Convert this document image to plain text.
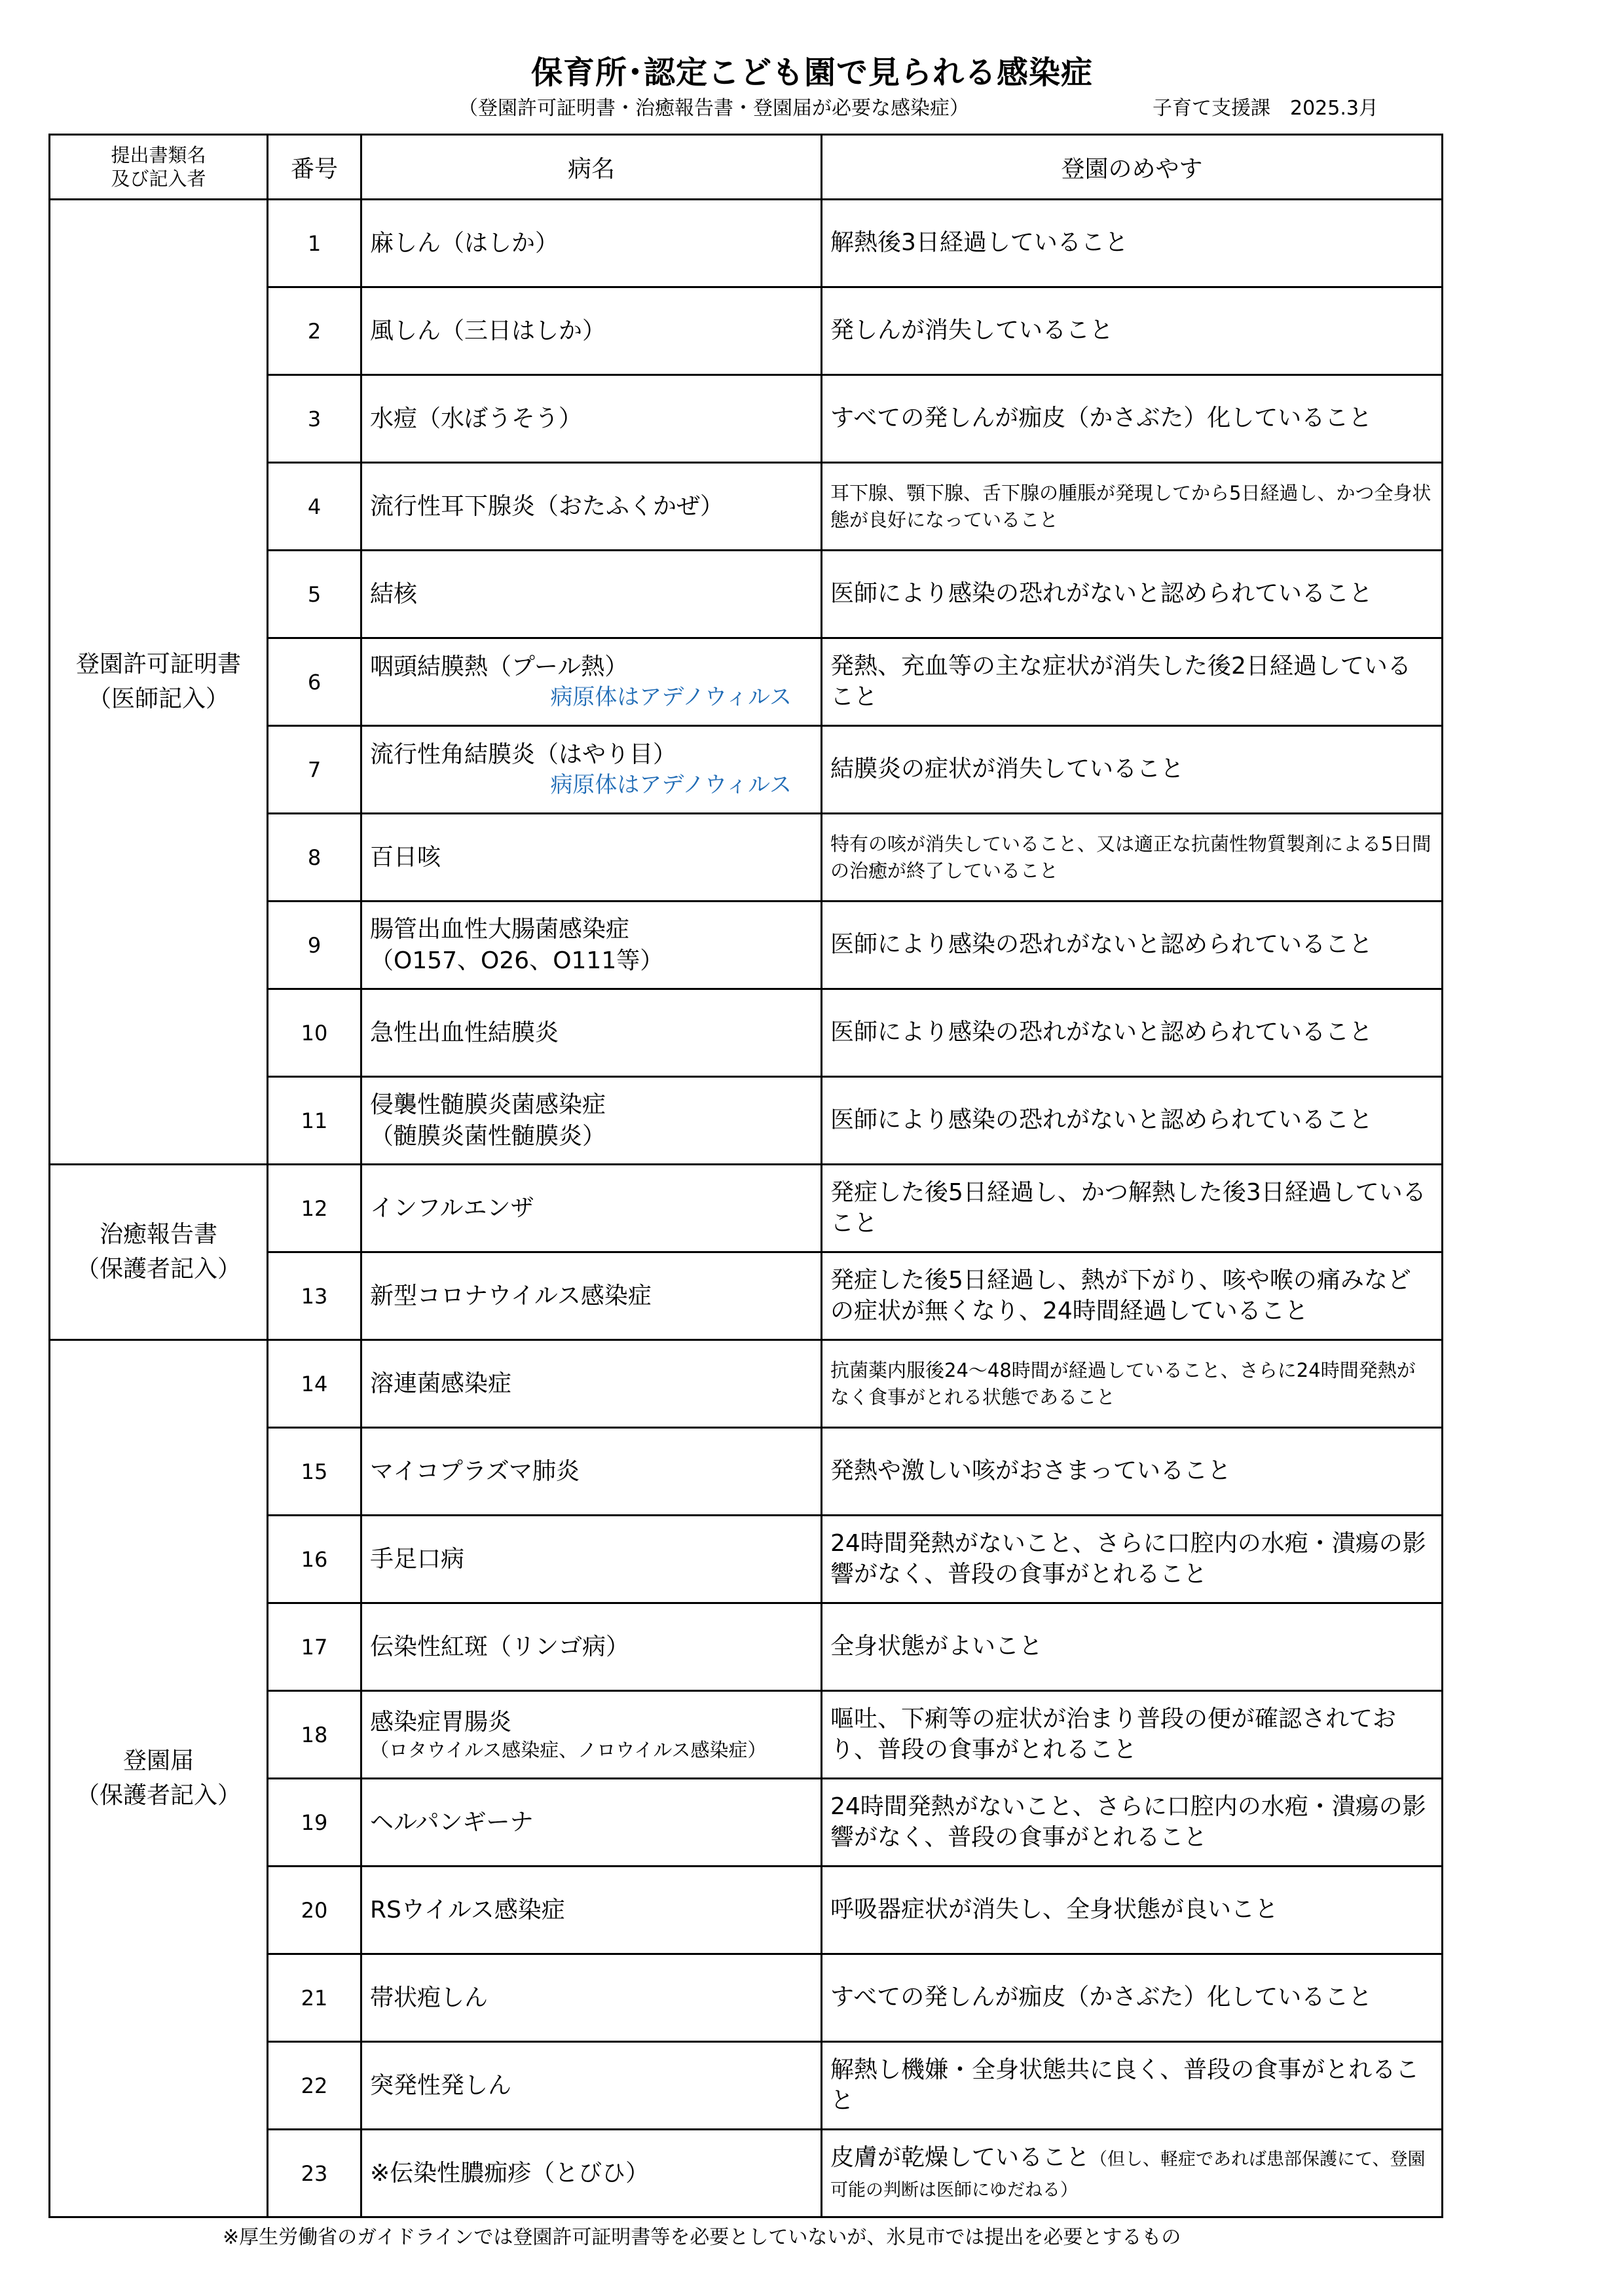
保育所･認定こども園で見られる感染症
（登園許可証明書・治癒報告書・登園届が必要な感染症）	子育て支援課　2025.3月
提出書類名
及び記入者	番号	病名	登園のめやす
登園許可証明書
（医師記入）	1	麻しん（はしか）	解熱後3日経過していること
	2	風しん（三日はしか）	発しんが消失していること
	3	水痘（水ぼうそう）	すべての発しんが痂皮（かさぶた）化していること
	4	流行性耳下腺炎（おたふくかぜ）	耳下腺、顎下腺、舌下腺の腫脹が発現してから5日経過し、かつ全身状態が良好になっていること
	5	結核	医師により感染の恐れがないと認められていること
	6	咽頭結膜熱（プール熱）
病原体はアデノウィルス	発熱、充血等の主な症状が消失した後2日経過していること
	7	流行性角結膜炎（はやり目）
病原体はアデノウィルス	結膜炎の症状が消失していること
	8	百日咳	特有の咳が消失していること、又は適正な抗菌性物質製剤による5日間の治癒が終了していること
	9	腸管出血性大腸菌感染症
（O157、O26、O111等）	医師により感染の恐れがないと認められていること
	10	急性出血性結膜炎	医師により感染の恐れがないと認められていること
	11	侵襲性髄膜炎菌感染症
（髄膜炎菌性髄膜炎）	医師により感染の恐れがないと認められていること
治癒報告書
（保護者記入）	12	インフルエンザ	発症した後5日経過し、かつ解熱した後3日経過していること
	13	新型コロナウイルス感染症	発症した後5日経過し、熱が下がり、咳や喉の痛みなどの症状が無くなり、24時間経過していること
登園届
（保護者記入）	14	溶連菌感染症	抗菌薬内服後24～48時間が経過していること、さらに24時間発熱がなく食事がとれる状態であること
	15	マイコプラズマ肺炎	発熱や激しい咳がおさまっていること
	16	手足口病	24時間発熱がないこと、さらに口腔内の水疱・潰瘍の影響がなく、普段の食事がとれること
	17	伝染性紅斑（リンゴ病）	全身状態がよいこと
	18	感染症胃腸炎
（ロタウイルス感染症、ノロウイルス感染症）	嘔吐、下痢等の症状が治まり普段の便が確認されており、普段の食事がとれること
	19	ヘルパンギーナ	24時間発熱がないこと、さらに口腔内の水疱・潰瘍の影響がなく、普段の食事がとれること
	20	RSウイルス感染症	呼吸器症状が消失し、全身状態が良いこと
	21	帯状疱しん	すべての発しんが痂皮（かさぶた）化していること
	22	突発性発しん	解熱し機嫌・全身状態共に良く、普段の食事がとれること
	23	※伝染性膿痂疹（とびひ）	皮膚が乾燥していること（但し、軽症であれば患部保護にて、登園可能の判断は医師にゆだねる）
※厚生労働省のガイドラインでは登園許可証明書等を必要としていないが、氷見市では提出を必要とするもの
